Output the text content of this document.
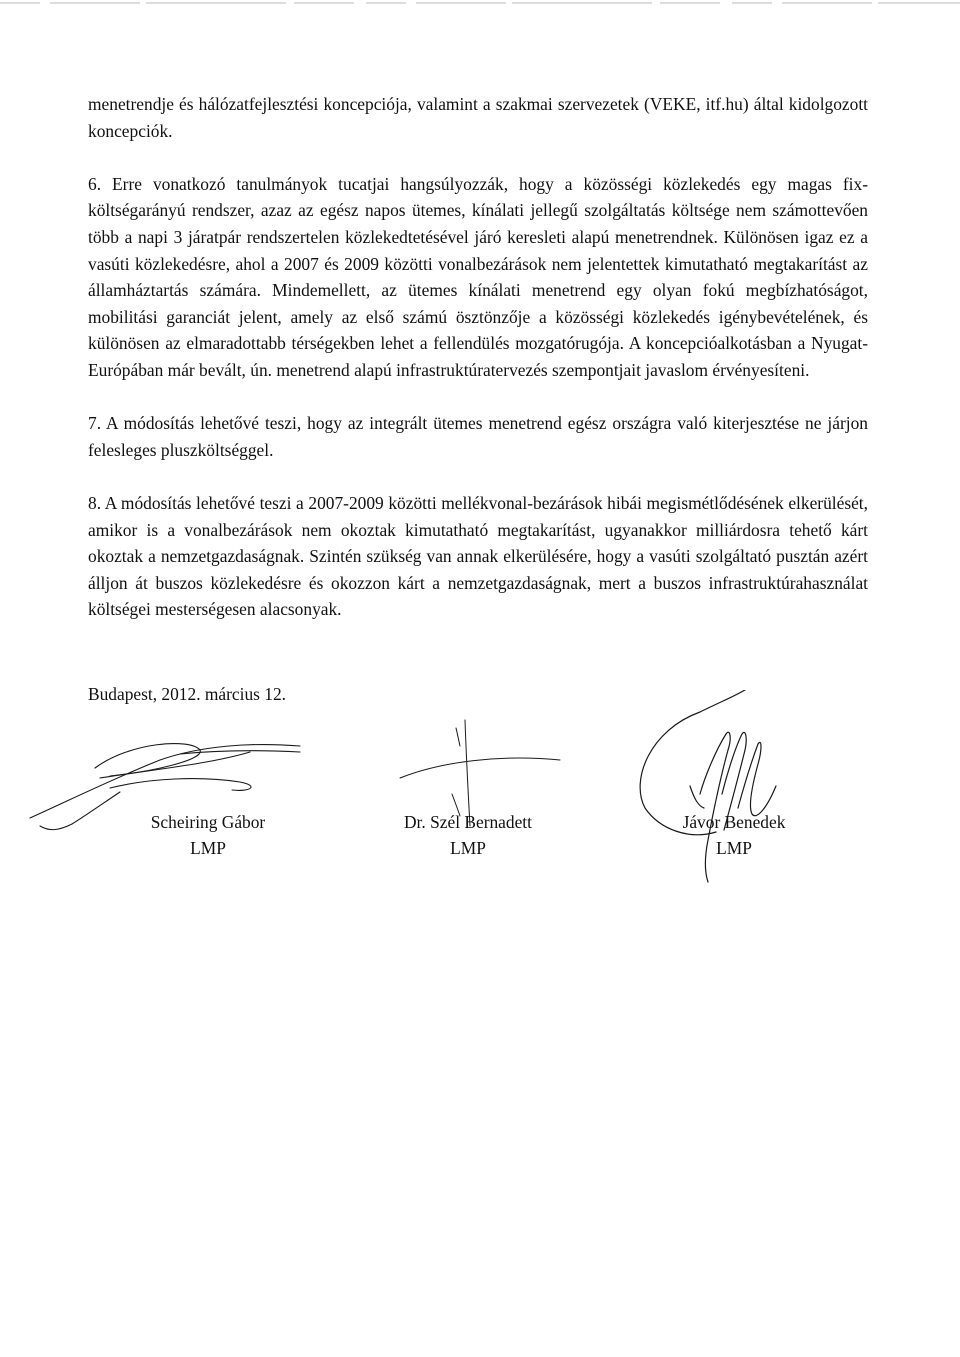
menetrendje és hálózatfejlesztési koncepciója, valamint a szakmai szervezetek (VEKE, itf.hu) által kidolgozott koncepciók.

6. Erre vonatkozó tanulmányok tucatjai hangsúlyozzák, hogy a közösségi közlekedés egy magas fix-költségarányú rendszer, azaz az egész napos ütemes, kínálati jellegű szolgáltatás költsége nem számottevően több a napi 3 járatpár rendszertelen közlekedtetésével járó keresleti alapú menetrendnek. Különösen igaz ez a vasúti közlekedésre, ahol a 2007 és 2009 közötti vonalbezárások nem jelentettek kimutatható megtakarítást az államháztartás számára. Mindemellett, az ütemes kínálati menetrend egy olyan fokú megbízhatóságot, mobilitási garanciát jelent, amely az első számú ösztönzője a közösségi közlekedés igénybevételének, és különösen az elmaradottabb térségekben lehet a fellendülés mozgatórugója. A koncepcióalkotásban a Nyugat-Európában már bevált, ún. menetrend alapú infrastruktúratervezés szempontjait javaslom érvényesíteni.

7. A módosítás lehetővé teszi, hogy az integrált ütemes menetrend egész országra való kiterjesztése ne járjon felesleges pluszköltséggel.

8. A módosítás lehetővé teszi a 2007-2009 közötti mellékvonal-bezárások hibái megismétlődésének elkerülését, amikor is a vonalbezárások nem okoztak kimutatható megtakarítást, ugyanakkor milliárdosra tehető kárt okoztak a nemzetgazdaságnak. Szintén szükség van annak elkerülésére, hogy a vasúti szolgáltató pusztán azért álljon át buszos közlekedésre és okozzon kárt a nemzetgazdaságnak, mert a buszos infrastruktúrahasználat költségei mesterségesen alacsonyak.

Budapest, 2012. március 12.
Scheiring Gábor
LMP
Dr. Szél Bernadett
LMP
Jávor Benedek
LMP
